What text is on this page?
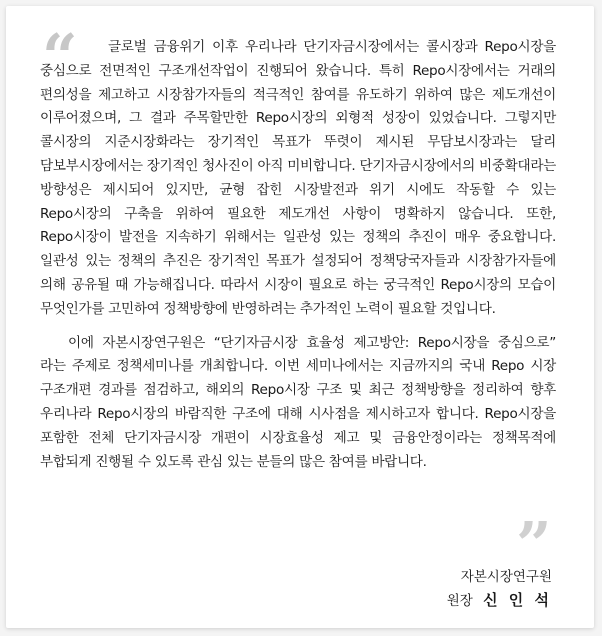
“	글로벌 금융위기 이후 우리나라 단기자금시장에서는 콜시장과 Repo시장을 중심으로 전면적인 구조개선작업이 진행되어 왔습니다. 특히 Repo시장에서는 거래의 편의성을 제고하고 시장참가자들의 적극적인 참여를 유도하기 위하여 많은 제도개선이 이루어졌으며, 그 결과 주목할만한 Repo시장의 외형적 성장이 있었습니다. 그렇지만 콜시장의 지준시장화라는 장기적인 목표가 뚜렷이 제시된 무담보시장과는 달리 담보부시장에서는 장기적인 청사진이 아직 미비합니다. 단기자금시장에서의 비중확대라는 방향성은 제시되어 있지만, 균형 잡힌 시장발전과 위기 시에도 작동할 수 있는 Repo시장의 구축을 위하여 필요한 제도개선 사항이 명확하지 않습니다. 또한, Repo시장이 발전을 지속하기 위해서는 일관성 있는 정책의 추진이 매우 중요합니다. 일관성 있는 정책의 추진은 장기적인 목표가 설정되어 정책당국자들과 시장참가자들에 의해 공유될 때 가능해집니다. 따라서 시장이 필요로 하는 궁극적인 Repo시장의 모습이 무엇인가를 고민하여 정책방향에 반영하려는 추가적인 노력이 필요할 것입니다.

이에 자본시장연구원은 “단기자금시장 효율성 제고방안: Repo시장을 중심으로” 라는 주제로 정책세미나를 개최합니다. 이번 세미나에서는 지금까지의 국내 Repo 시장 구조개편 경과를 점검하고, 해외의 Repo시장 구조 및 최근 정책방향을 정리하여 향후 우리나라 Repo시장의 바람직한 구조에 대해 시사점을 제시하고자 합니다. Repo시장을 포함한 전체 단기자금시장 개편이 시장효율성 제고 및 금융안정이라는 정책목적에 부합되게 진행될 수 있도록 관심 있는 분들의 많은 참여를 바랍니다.

”
자본시장연구원
원장 신 인 석
